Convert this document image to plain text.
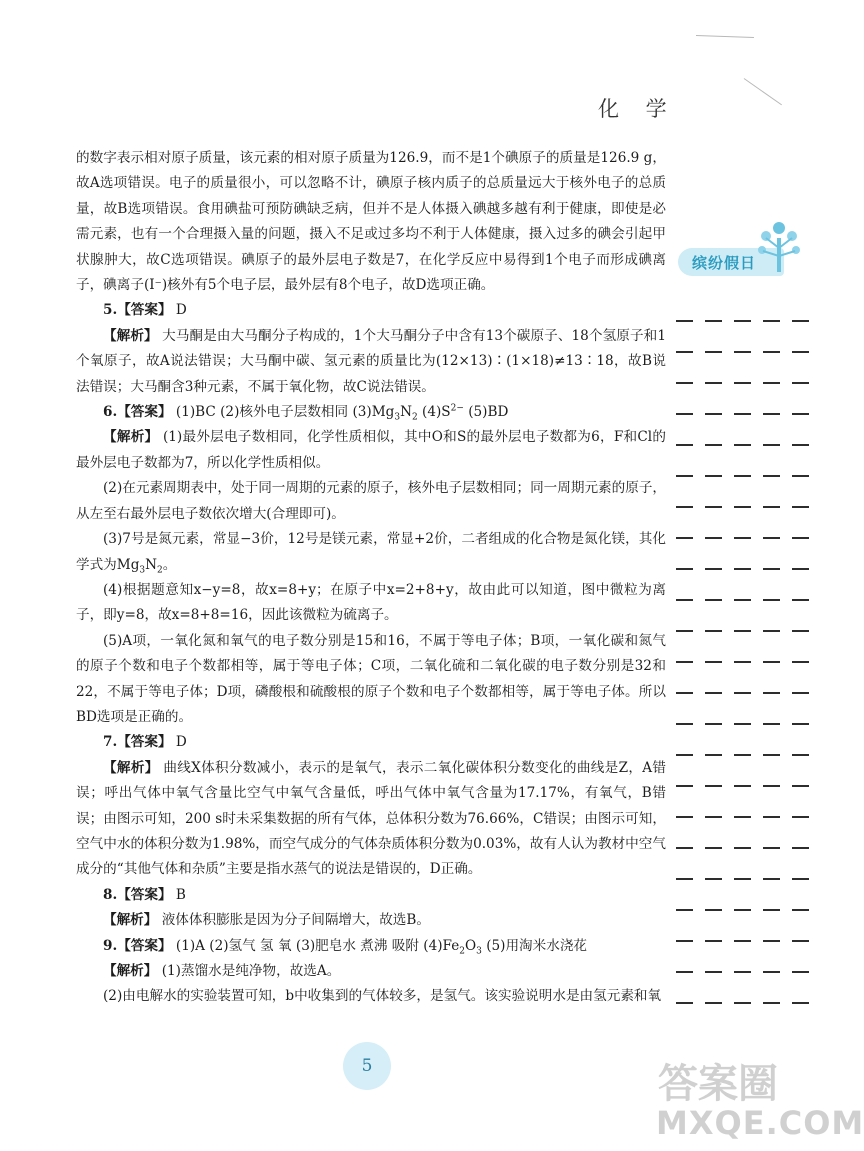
化 学

的数字表示相对原子质量，该元素的相对原子质量为126.9，而不是1个碘原子的质量是126.9 g，故A选项错误。电子的质量很小，可以忽略不计，碘原子核内质子的总质量远大于核外电子的总质量，故B选项错误。食用碘盐可预防碘缺乏病，但并不是人体摄入碘越多越有利于健康，即使是必需元素，也有一个合理摄入量的问题，摄入不足或过多均不利于人体健康，摄入过多的碘会引起甲状腺肿大，故C选项错误。碘原子的最外层电子数是7，在化学反应中易得到1个电子而形成碘离子，碘离子(I⁻)核外有5个电子层，最外层有8个电子，故D选项正确。

5.【答案】 D

【解析】 大马酮是由大马酮分子构成的，1个大马酮分子中含有13个碳原子、18个氢原子和1个氧原子，故A说法错误；大马酮中碳、氢元素的质量比为(12×13)∶(1×18)≠13∶18，故B说法错误；大马酮含3种元素，不属于氧化物，故C说法错误。

6.【答案】 (1)BC (2)核外电子层数相同 $(3)Mg_3N_2$ $(4)S^{2-}$ (5)BD

【解析】 (1)最外层电子数相同，化学性质相似，其中O和S的最外层电子数都为6，F和Cl的最外层电子数都为7，所以化学性质相似。

(2)在元素周期表中，处于同一周期的元素的原子，核外电子层数相同；同一周期元素的原子，从左至右最外层电子数依次增大(合理即可)。

(3)7号是氮元素，常显−3价，12号是镁元素，常显+2价，二者组成的化合物是氮化镁，其化学式为$Mg_3N_2$。

(4)根据题意知x−y=8，故x=8+y；在原子中x=2+8+y，故由此可以知道，图中微粒为离子，即y=8，故x=8+8=16，因此该微粒为硫离子。

(5)A项，一氧化氮和氧气的电子数分别是15和16，不属于等电子体；B项，一氧化碳和氮气的原子个数和电子个数都相等，属于等电子体；C项，二氧化硫和二氧化碳的电子数分别是32和22，不属于等电子体；D项，磷酸根和硫酸根的原子个数和电子个数都相等，属于等电子体。所以BD选项是正确的。

7.【答案】 D

【解析】 曲线X体积分数减小，表示的是氧气，表示二氧化碳体积分数变化的曲线是Z，A错误；呼出气体中氧气含量比空气中氧气含量低，呼出气体中氧气含量为17.17%，有氧气，B错误；由图示可知，200 s时未采集数据的所有气体，总体积分数为76.66%，C错误；由图示可知，空气中水的体积分数为1.98%，而空气成分的气体杂质体积分数为0.03%，故有人认为教材中空气成分的“其他气体和杂质”主要是指水蒸气的说法是错误的，D正确。

8.【答案】 B

【解析】 液体体积膨胀是因为分子间隔增大，故选B。

9.【答案】 (1)A (2)氢气 氢 氧 (3)肥皂水 煮沸 吸附 $(4)Fe_2O_3$ (5)用淘米水浇花

【解析】 (1)蒸馏水是纯净物，故选A。

(2)由电解水的实验装置可知，b中收集到的气体较多，是氢气。该实验说明水是由氢元素和氧

缤纷假日
5	答案圈
MXQE.COM
